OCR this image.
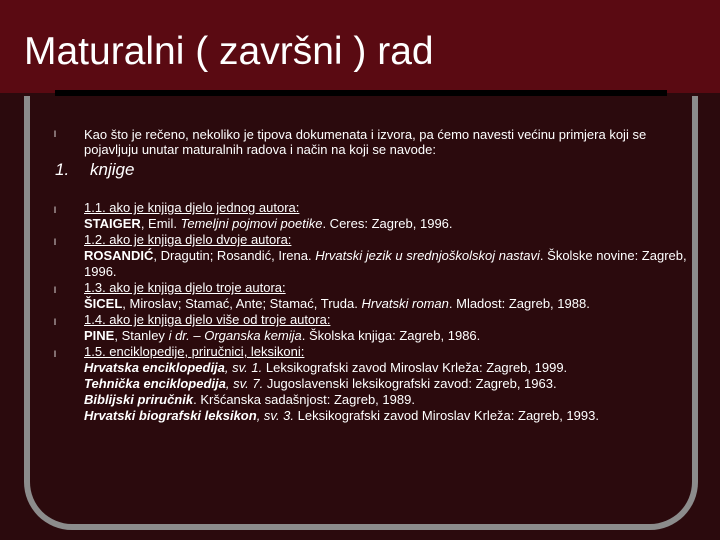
Maturalni ( završni ) rad
l Kao što je rečeno, nekoliko je tipova dokumenata i izvora, pa ćemo navesti većinu primjera koji se pojavljuju unutar maturalnih radova i način na koji se navode:
1. knjige
l 1.1. ako je knjiga djelo jednog autora:
STAIGER, Emil. Temeljni pojmovi poetike. Ceres: Zagreb, 1996.
l 1.2. ako je knjiga djelo dvoje autora:
ROSANDIĆ, Dragutin; Rosandić, Irena. Hrvatski jezik u srednjoškolskoj nastavi. Školske novine: Zagreb, 1996.
l 1.3. ako je knjiga djelo troje autora:
ŠICEL, Miroslav; Stamać, Ante; Stamać, Truda. Hrvatski roman. Mladost: Zagreb, 1988.
l 1.4. ako je knjiga djelo više od troje autora:
PINE, Stanley i dr. – Organska kemija. Školska knjiga: Zagreb, 1986.
l 1.5. enciklopedije, priručnici, leksikoni:
Hrvatska enciklopedija, sv. 1. Leksikografski zavod Miroslav Krleža: Zagreb, 1999.
Tehnička enciklopedija, sv. 7. Jugoslavenski leksikografski zavod: Zagreb, 1963.
Biblijski priručnik. Kršćanska sadašnjost: Zagreb, 1989.
Hrvatski biografski leksikon, sv. 3. Leksikografski zavod Miroslav Krleža: Zagreb, 1993.
